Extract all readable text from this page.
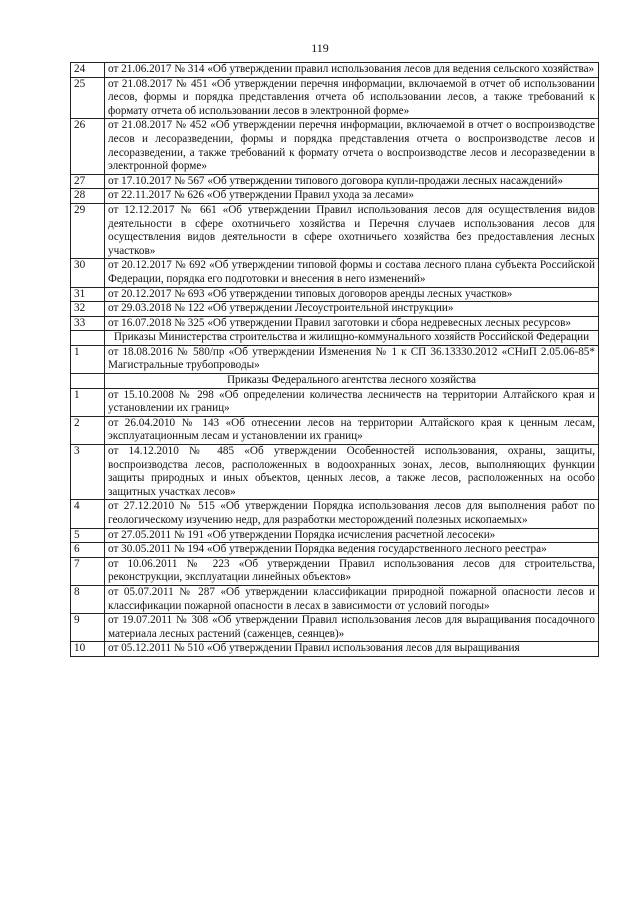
119
24	от 21.06.2017 № 314 «Об утверждении правил использования лесов для ведения сельского хозяйства»
25	от 21.08.2017 № 451 «Об утверждении перечня информации, включаемой в отчет об использовании лесов, формы и порядка представления отчета об использовании лесов, а также требований к формату отчета об использовании лесов в электронной форме»
26	от 21.08.2017 № 452 «Об утверждении перечня информации, включаемой в отчет о воспроизводстве лесов и лесоразведении, формы и порядка представления отчета о воспроизводстве лесов и лесоразведении, а также требований к формату отчета о воспроизводстве лесов и лесоразведении в электронной форме»
27	от 17.10.2017 № 567 «Об утверждении типового договора купли-продажи лесных насаждений»
28	от 22.11.2017 № 626 «Об утверждении Правил ухода за лесами»
29	от 12.12.2017 № 661 «Об утверждении Правил использования лесов для осуществления видов деятельности в сфере охотничьего хозяйства и Перечня случаев использования лесов для осуществления видов деятельности в сфере охотничьего хозяйства без предоставления лесных участков»
30	от 20.12.2017 № 692 «Об утверждении типовой формы и состава лесного плана субъекта Российской Федерации, порядка его подготовки и внесения в него изменений»
31	от 20.12.2017 № 693 «Об утверждении типовых договоров аренды лесных участков»
32	от 29.03.2018 № 122 «Об утверждении Лесоустроительной инструкции»
33	от 16.07.2018 № 325 «Об утверждении Правил заготовки и сбора недревесных лесных ресурсов»
	Приказы Министерства строительства и жилищно-коммунального хозяйств Российской Федерации
1	от 18.08.2016 № 580/пр «Об утверждении Изменения № 1 к СП 36.13330.2012 «СНиП 2.05.06-85* Магистральные трубопроводы»
	Приказы Федерального агентства лесного хозяйства
1	от 15.10.2008 № 298 «Об определении количества лесничеств на территории Алтайского края и установлении их границ»
2	от 26.04.2010 № 143 «Об отнесении лесов на территории Алтайского края к ценным лесам, эксплуатационным лесам и установлении их границ»
3	от 14.12.2010 № 485 «Об утверждении Особенностей использования, охраны, защиты, воспроизводства лесов, расположенных в водоохранных зонах, лесов, выполняющих функции защиты природных и иных объектов, ценных лесов, а также лесов, расположенных на особо защитных участках лесов»
4	от 27.12.2010 № 515 «Об утверждении Порядка использования лесов для выполнения работ по геологическому изучению недр, для разработки месторождений полезных ископаемых»
5	от 27.05.2011 № 191 «Об утверждении Порядка исчисления расчетной лесосеки»
6	от 30.05.2011 № 194 «Об утверждении Порядка ведения государственного лесного реестра»
7	от 10.06.2011 № 223 «Об утверждении Правил использования лесов для строительства, реконструкции, эксплуатации линейных объектов»
8	от 05.07.2011 № 287 «Об утверждении классификации природной пожарной опасности лесов и классификации пожарной опасности в лесах в зависимости от условий погоды»
9	от 19.07.2011 № 308 «Об утверждении Правил использования лесов для выращивания посадочного материала лесных растений (саженцев, сеянцев)»
10	от 05.12.2011 № 510 «Об утверждении Правил использования лесов для выращивания
